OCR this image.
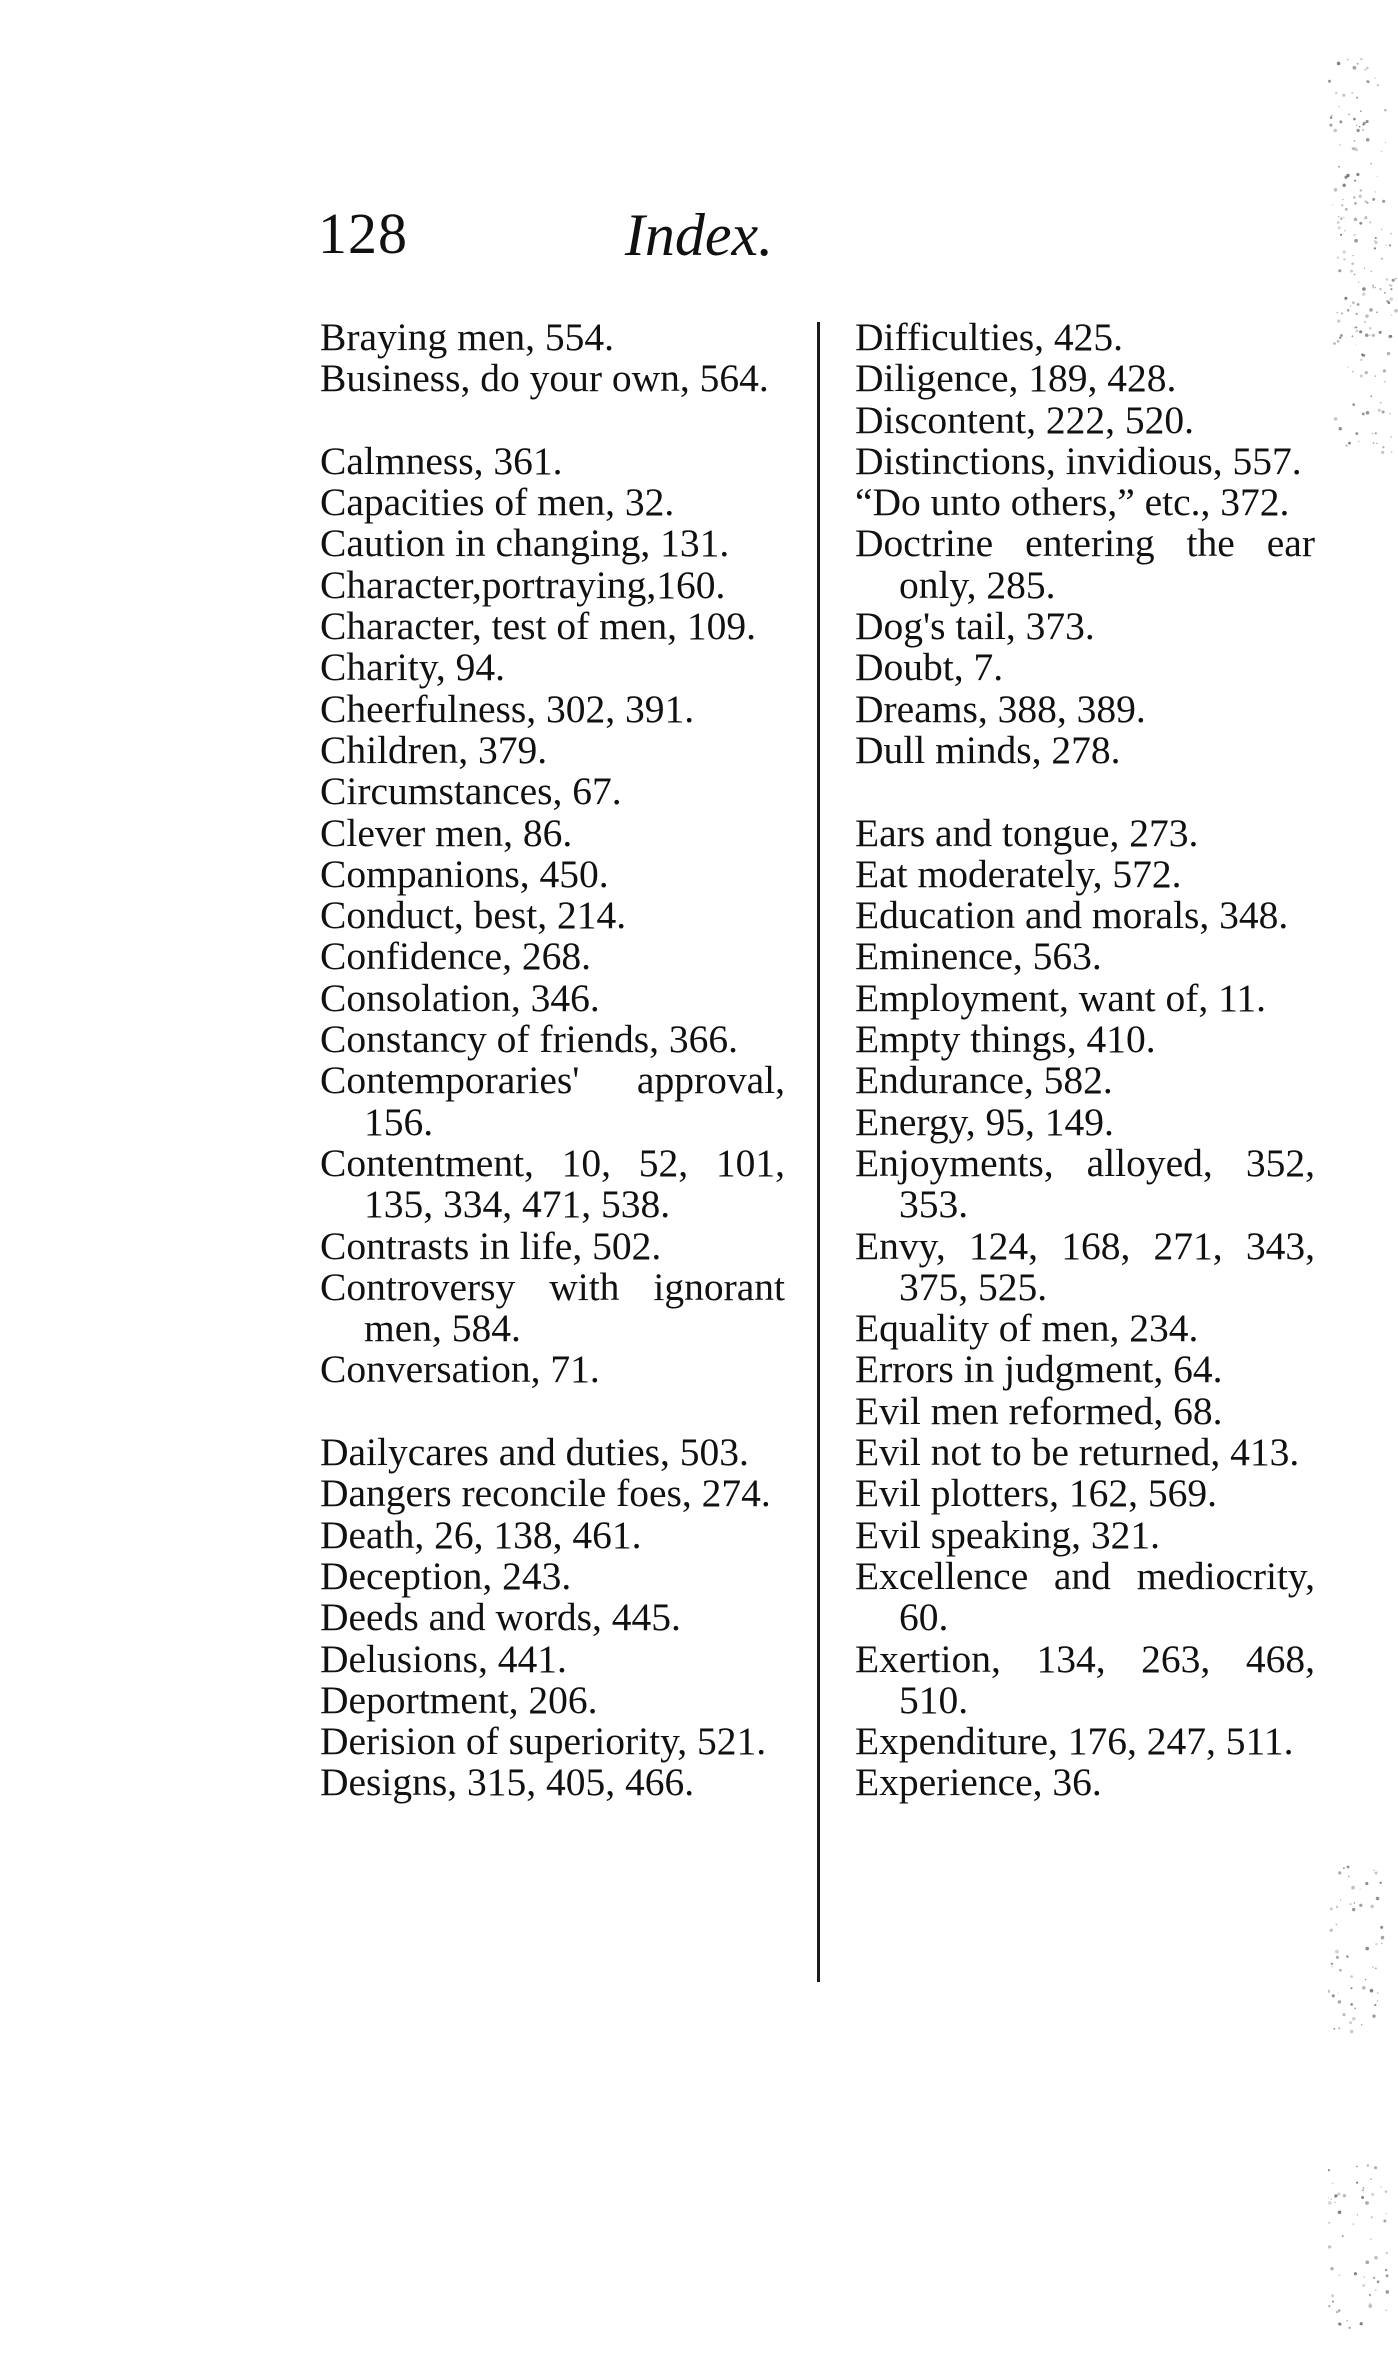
128	Index.

Braying men, 554.

Business, do your own, 564.

Calmness, 361.

Capacities of men, 32.

Caution in changing, 131.

Character,portraying,160.

Character, test of men, 109.

Charity, 94.

Cheerfulness, 302, 391.

Children, 379.

Circumstances, 67.

Clever men, 86.

Companions, 450.

Conduct, best, 214.

Confidence, 268.

Consolation, 346.

Constancy of friends, 366.

Contemporaries' approval, 156.

Contentment, 10, 52, 101, 135, 334, 471, 538.

Contrasts in life, 502.

Controversy with ignorant men, 584.

Conversation, 71.

Dailycares and duties, 503.

Dangers reconcile foes, 274.

Death, 26, 138, 461.

Deception, 243.

Deeds and words, 445.

Delusions, 441.

Deportment, 206.

Derision of superiority, 521.

Designs, 315, 405, 466.

Difficulties, 425.

Diligence, 189, 428.

Discontent, 222, 520.

Distinctions, invidious, 557.

“Do unto others,” etc., 372.

Doctrine entering the ear only, 285.

Dog's tail, 373.

Doubt, 7.

Dreams, 388, 389.

Dull minds, 278.

Ears and tongue, 273.

Eat moderately, 572.

Education and morals, 348.

Eminence, 563.

Employment, want of, 11.

Empty things, 410.

Endurance, 582.

Energy, 95, 149.

Enjoyments, alloyed, 352, 353.

Envy, 124, 168, 271, 343, 375, 525.

Equality of men, 234.

Errors in judgment, 64.

Evil men reformed, 68.

Evil not to be returned, 413.

Evil plotters, 162, 569.

Evil speaking, 321.

Excellence and mediocrity, 60.

Exertion, 134, 263, 468, 510.

Expenditure, 176, 247, 511.

Experience, 36.
